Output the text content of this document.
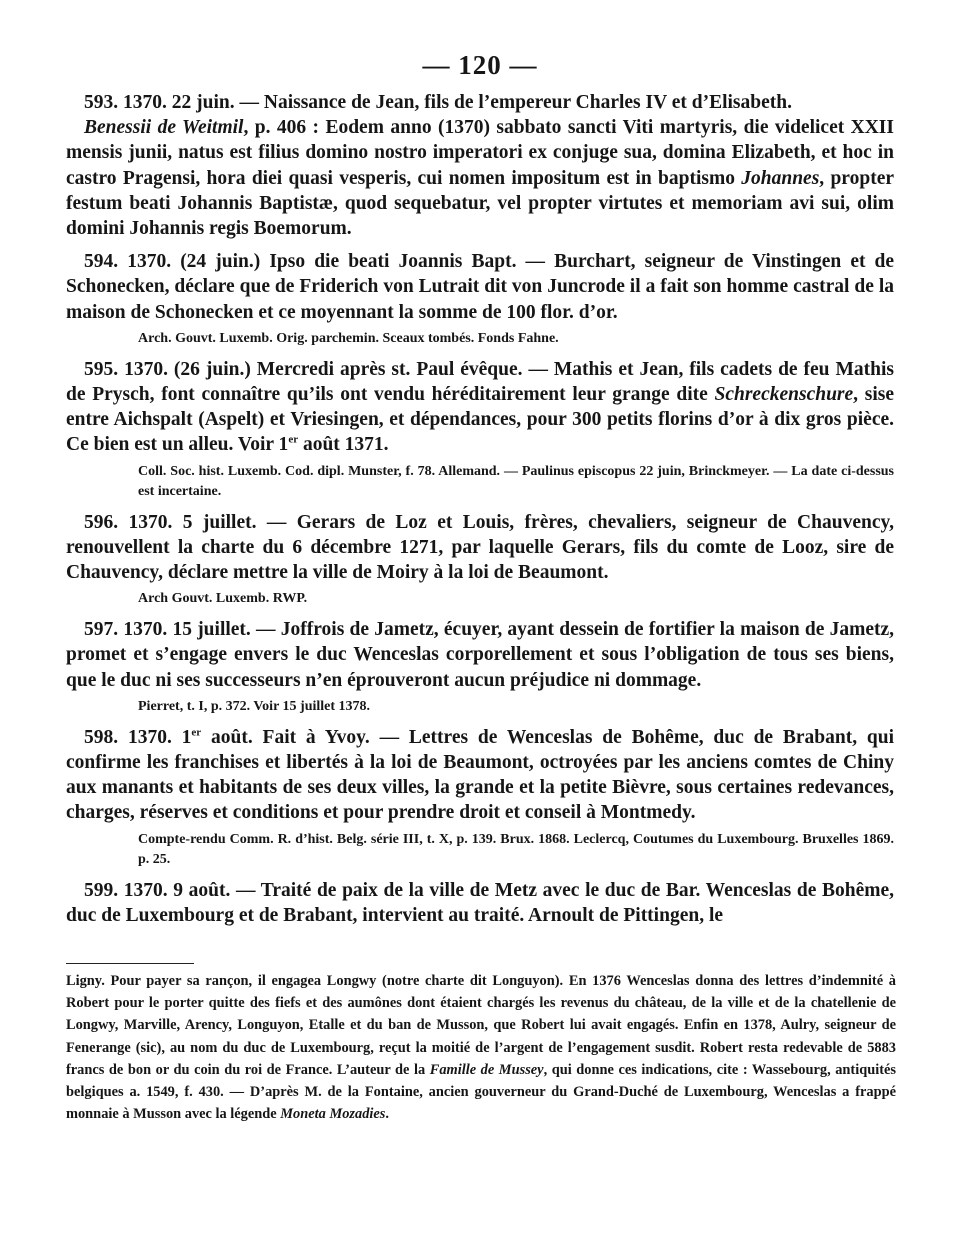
— 120 —

593. 1370. 22 juin. — Naissance de Jean, fils de l’empereur Charles IV et d’Elisabeth.

Benessii de Weitmil, p. 406 : Eodem anno (1370) sabbato sancti Viti martyris, die videlicet XXII mensis junii, natus est filius domino nostro imperatori ex conjuge sua, domina Elizabeth, et hoc in castro Pragensi, hora diei quasi vesperis, cui nomen impositum est in baptismo Johannes, propter festum beati Johannis Baptistæ, quod sequebatur, vel propter virtutes et memoriam avi sui, olim domini Johannis regis Boemorum.

594. 1370. (24 juin.) Ipso die beati Joannis Bapt. — Burchart, seigneur de Vinstingen et de Schonecken, déclare que de Friderich von Lutrait dit von Juncrode il a fait son homme castral de la maison de Schonecken et ce moyennant la somme de 100 flor. d’or.

Arch. Gouvt. Luxemb. Orig. parchemin. Sceaux tombés. Fonds Fahne.

595. 1370. (26 juin.) Mercredi après st. Paul évêque. — Mathis et Jean, fils cadets de feu Mathis de Prysch, font connaître qu’ils ont vendu héréditairement leur grange dite Schreckenschure, sise entre Aichspalt (Aspelt) et Vriesingen, et dépendances, pour 300 petits florins d’or à dix gros pièce. Ce bien est un alleu. Voir 1er août 1371.

Coll. Soc. hist. Luxemb. Cod. dipl. Munster, f. 78. Allemand. — Paulinus episcopus 22 juin, Brinckmeyer. — La date ci-dessus est incertaine.

596. 1370. 5 juillet. — Gerars de Loz et Louis, frères, chevaliers, seigneur de Chauvency, renouvellent la charte du 6 décembre 1271, par laquelle Gerars, fils du comte de Looz, sire de Chauvency, déclare mettre la ville de Moiry à la loi de Beaumont.

Arch Gouvt. Luxemb. RWP.

597. 1370. 15 juillet. — Joffrois de Jametz, écuyer, ayant dessein de fortifier la maison de Jametz, promet et s’engage envers le duc Wenceslas corporellement et sous l’obligation de tous ses biens, que le duc ni ses successeurs n’en éprouveront aucun préjudice ni dommage.

Pierret, t. I, p. 372. Voir 15 juillet 1378.

598. 1370. 1er août. Fait à Yvoy. — Lettres de Wenceslas de Bohême, duc de Brabant, qui confirme les franchises et libertés à la loi de Beaumont, octroyées par les anciens comtes de Chiny aux manants et habitants de ses deux villes, la grande et la petite Bièvre, sous certaines redevances, charges, réserves et conditions et pour prendre droit et conseil à Montmedy.

Compte-rendu Comm. R. d’hist. Belg. série III, t. X, p. 139. Brux. 1868. Leclercq, Coutumes du Luxembourg. Bruxelles 1869. p. 25.

599. 1370. 9 août. — Traité de paix de la ville de Metz avec le duc de Bar. Wenceslas de Bohême, duc de Luxembourg et de Brabant, intervient au traité. Arnoult de Pittingen, le

Ligny. Pour payer sa rançon, il engagea Longwy (notre charte dit Longuyon). En 1376 Wenceslas donna des lettres d’indemnité à Robert pour le porter quitte des fiefs et des aumônes dont étaient chargés les revenus du château, de la ville et de la chatellenie de Longwy, Marville, Arency, Longuyon, Etalle et du ban de Musson, que Robert lui avait engagés. Enfin en 1378, Aulry, seigneur de Fenerange (sic), au nom du duc de Luxembourg, reçut la moitié de l’argent de l’engagement susdit. Robert resta redevable de 5883 francs de bon or du coin du roi de France. L’auteur de la Famille de Mussey, qui donne ces indications, cite : Wassebourg, antiquités belgiques a. 1549, f. 430. — D’après M. de la Fontaine, ancien gouverneur du Grand-Duché de Luxembourg, Wenceslas a frappé monnaie à Musson avec la légende Moneta Mozadies.
